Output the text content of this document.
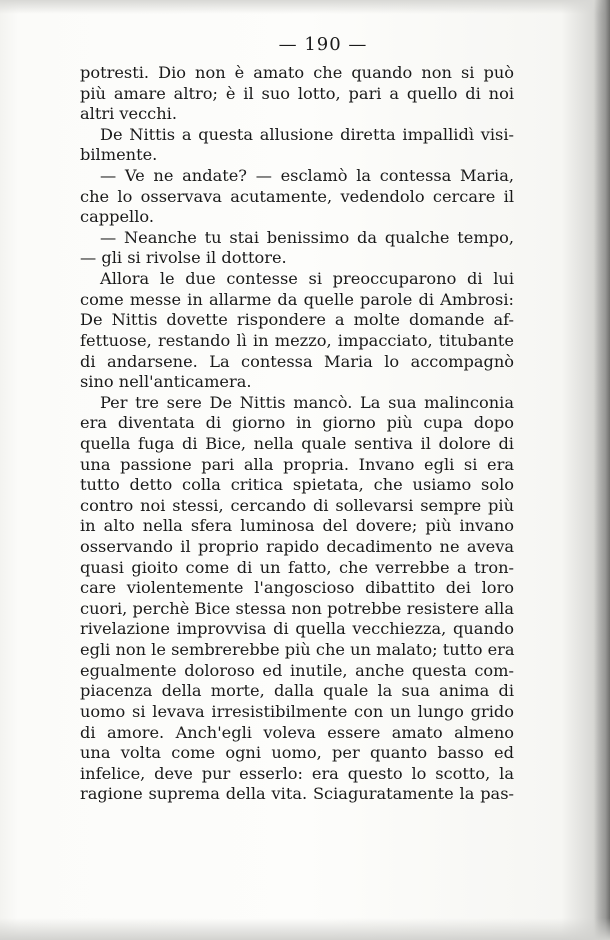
— 190 —
potresti. Dio non è amato che quando non si può
più amare altro; è il suo lotto, pari a quello di noi
altri vecchi.
De Nittis a questa allusione diretta impallidì visi-
bilmente.
— Ve ne andate? — esclamò la contessa Maria,
che lo osservava acutamente, vedendolo cercare il
cappello.
— Neanche tu stai benissimo da qualche tempo,
— gli si rivolse il dottore.
Allora le due contesse si preoccuparono di lui
come messe in allarme da quelle parole di Ambrosi:
De Nittis dovette rispondere a molte domande af-
fettuose, restando lì in mezzo, impacciato, titubante
di andarsene. La contessa Maria lo accompagnò
sino nell'anticamera.
Per tre sere De Nittis mancò. La sua malinconia
era diventata di giorno in giorno più cupa dopo
quella fuga di Bice, nella quale sentiva il dolore di
una passione pari alla propria. Invano egli si era
tutto detto colla critica spietata, che usiamo solo
contro noi stessi, cercando di sollevarsi sempre più
in alto nella sfera luminosa del dovere; più invano
osservando il proprio rapido decadimento ne aveva
quasi gioito come di un fatto, che verrebbe a tron-
care violentemente l'angoscioso dibattito dei loro
cuori, perchè Bice stessa non potrebbe resistere alla
rivelazione improvvisa di quella vecchiezza, quando
egli non le sembrerebbe più che un malato; tutto era
egualmente doloroso ed inutile, anche questa com-
piacenza della morte, dalla quale la sua anima di
uomo si levava irresistibilmente con un lungo grido
di amore. Anch'egli voleva essere amato almeno
una volta come ogni uomo, per quanto basso ed
infelice, deve pur esserlo: era questo lo scotto, la
ragione suprema della vita. Sciaguratamente la pas-
